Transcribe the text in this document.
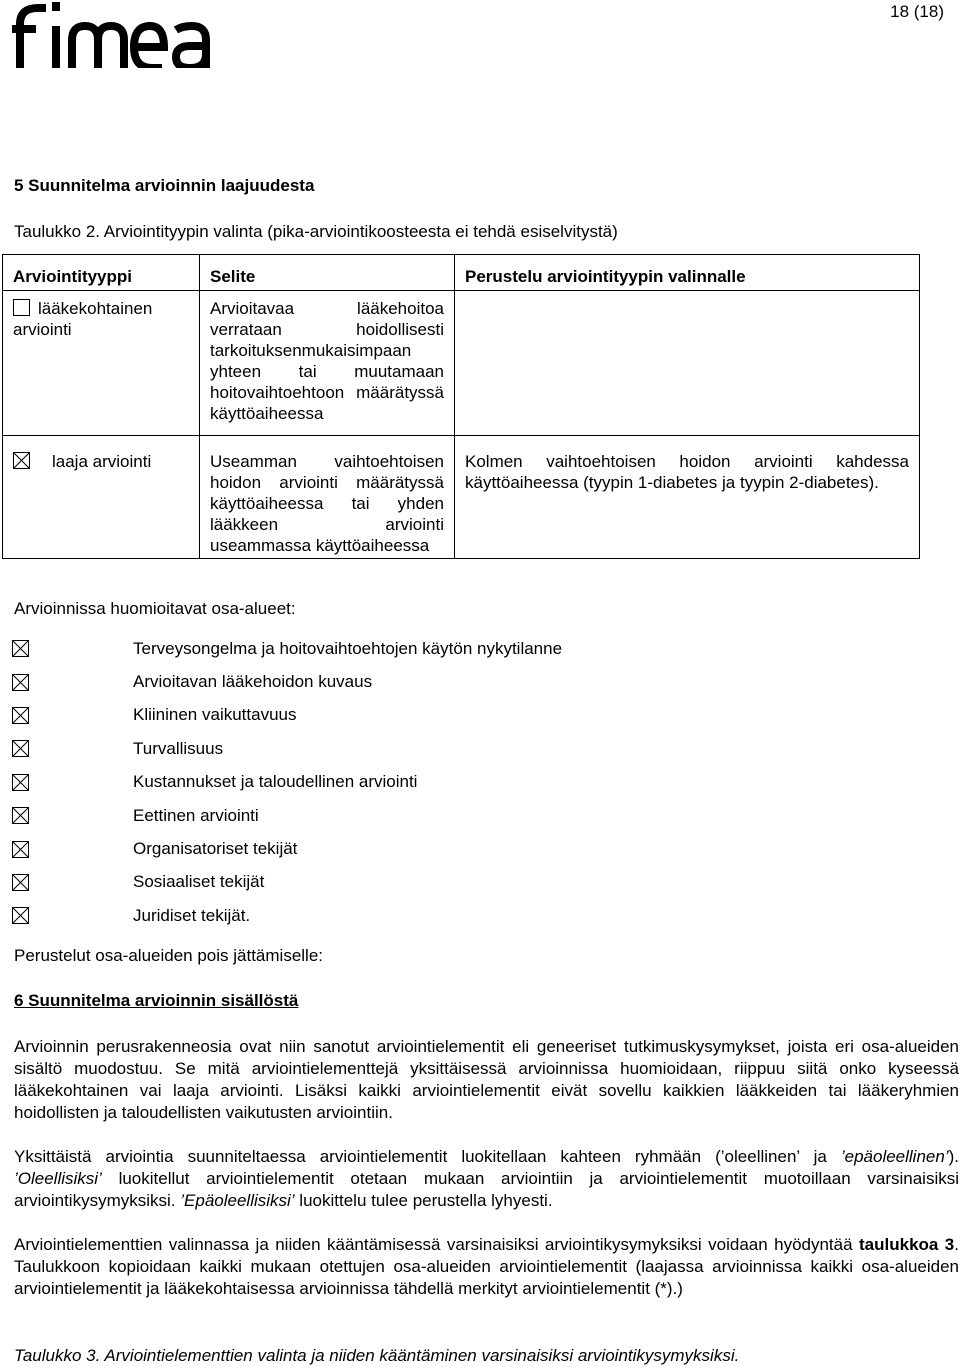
18 (18)
5 Suunnitelma arvioinnin laajuudesta
Taulukko 2. Arviointityypin valinta (pika-arviointikoosteesta ei tehdä esiselvitystä)
Arviointityyppi	Selite	Perustelu arviointityypin valinnalle
lääkekohtainen arviointi	Arvioitavaa lääkehoitoa verrataan hoidollisesti tarkoituksenmukaisimpaan yhteen tai muutamaan hoitovaihtoehtoon määrätyssä käyttöaiheessa	
laaja arviointi	Useamman vaihtoehtoisen hoidon arviointi määrätyssä käyttöaiheessa tai yhden lääkkeen arviointi useammassa käyttöaiheessa	Kolmen vaihtoehtoisen hoidon arviointi kahdessa käyttöaiheessa (tyypin 1-diabetes ja tyypin 2-diabetes).
Arvioinnissa huomioitavat osa-alueet:
Terveysongelma ja hoitovaihtoehtojen käytön nykytilanne
Arvioitavan lääkehoidon kuvaus
Kliininen vaikuttavuus
Turvallisuus
Kustannukset ja taloudellinen arviointi
Eettinen arviointi
Organisatoriset tekijät
Sosiaaliset tekijät
Juridiset tekijät.
Perustelut osa-alueiden pois jättämiselle:
6 Suunnitelma arvioinnin sisällöstä
Arvioinnin perusrakenneosia ovat niin sanotut arviointielementit eli geneeriset tutkimuskysymykset, joista eri osa-alueiden sisältö muodostuu. Se mitä arviointielementtejä yksittäisessä arvioinnissa huomioidaan, riippuu siitä onko kyseessä lääkekohtainen vai laaja arviointi. Lisäksi kaikki arviointielementit eivät sovellu kaikkien lääkkeiden tai lääkeryhmien hoidollisten ja taloudellisten vaikutusten arviointiin.
Yksittäistä arviointia suunniteltaessa arviointielementit luokitellaan kahteen ryhmään (’oleellinen’ ja ’epäoleellinen’). ’Oleellisiksi’ luokitellut arviointielementit otetaan mukaan arviointiin ja arviointielementit muotoillaan varsinaisiksi arviointikysymyksiksi. ’Epäoleellisiksi’ luokittelu tulee perustella lyhyesti.
Arviointielementtien valinnassa ja niiden kääntämisessä varsinaisiksi arviointikysymyksiksi voidaan hyödyntää taulukkoa 3. Taulukkoon kopioidaan kaikki mukaan otettujen osa-alueiden arviointielementit (laajassa arvioinnissa kaikki osa-alueiden arviointielementit ja lääkekohtaisessa arvioinnissa tähdellä merkityt arviointielementit (*).)
Taulukko 3. Arviointielementtien valinta ja niiden kääntäminen varsinaisiksi arviointikysymyksiksi.
